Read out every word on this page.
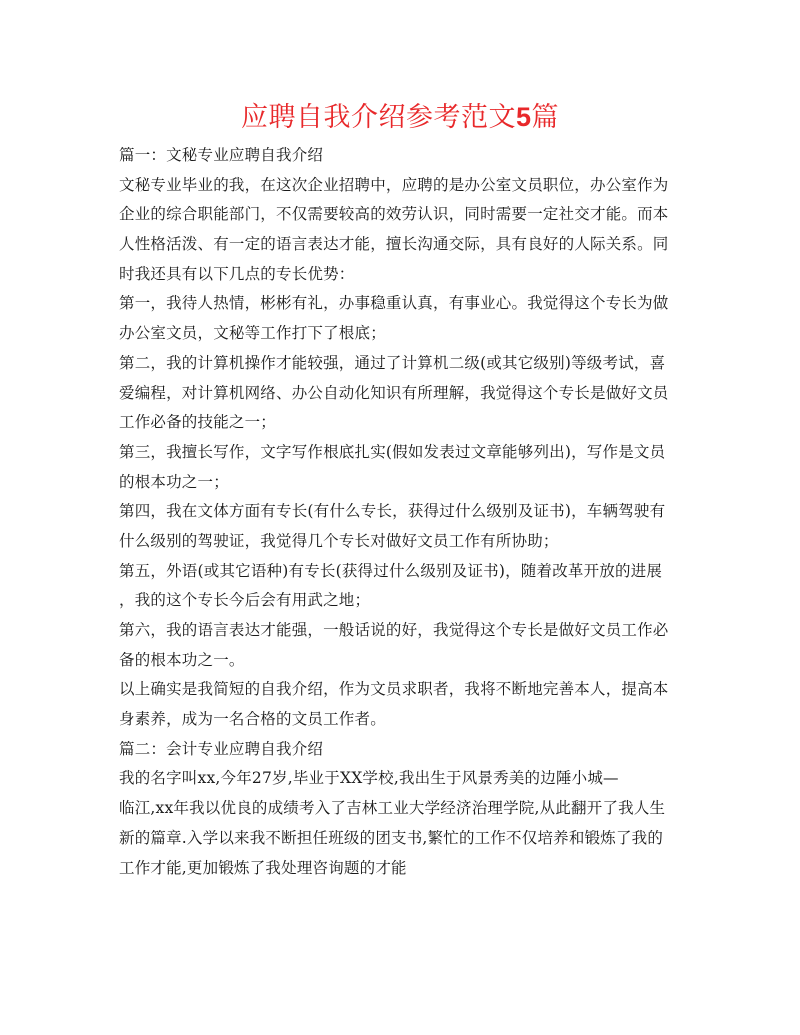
应聘自我介绍参考范文5篇
篇一：文秘专业应聘自我介绍
文秘专业毕业的我，在这次企业招聘中，应聘的是办公室文员职位，办公室作为
企业的综合职能部门，不仅需要较高的效劳认识，同时需要一定社交才能。而本
人性格活泼、有一定的语言表达才能，擅长沟通交际，具有良好的人际关系。同
时我还具有以下几点的专长优势：
第一，我待人热情，彬彬有礼，办事稳重认真，有事业心。我觉得这个专长为做
办公室文员，文秘等工作打下了根底；
第二，我的计算机操作才能较强，通过了计算机二级(或其它级别)等级考试，喜
爱编程，对计算机网络、办公自动化知识有所理解，我觉得这个专长是做好文员
工作必备的技能之一；
第三，我擅长写作，文字写作根底扎实(假如发表过文章能够列出)，写作是文员
的根本功之一；
第四，我在文体方面有专长(有什么专长，获得过什么级别及证书)，车辆驾驶有
什么级别的驾驶证，我觉得几个专长对做好文员工作有所协助；
第五，外语(或其它语种)有专长(获得过什么级别及证书)，随着改革开放的进展
，我的这个专长今后会有用武之地；
第六，我的语言表达才能强，一般话说的好，我觉得这个专长是做好文员工作必
备的根本功之一。
以上确实是我简短的自我介绍，作为文员求职者，我将不断地完善本人，提高本
身素养，成为一名合格的文员工作者。
篇二：会计专业应聘自我介绍
我的名字叫xx,今年27岁,毕业于XX学校,我出生于风景秀美的边陲小城—
临江,xx年我以优良的成绩考入了吉林工业大学经济治理学院,从此翻开了我人生
新的篇章.入学以来我不断担任班级的团支书,繁忙的工作不仅培养和锻炼了我的
工作才能,更加锻炼了我处理咨询题的才能
